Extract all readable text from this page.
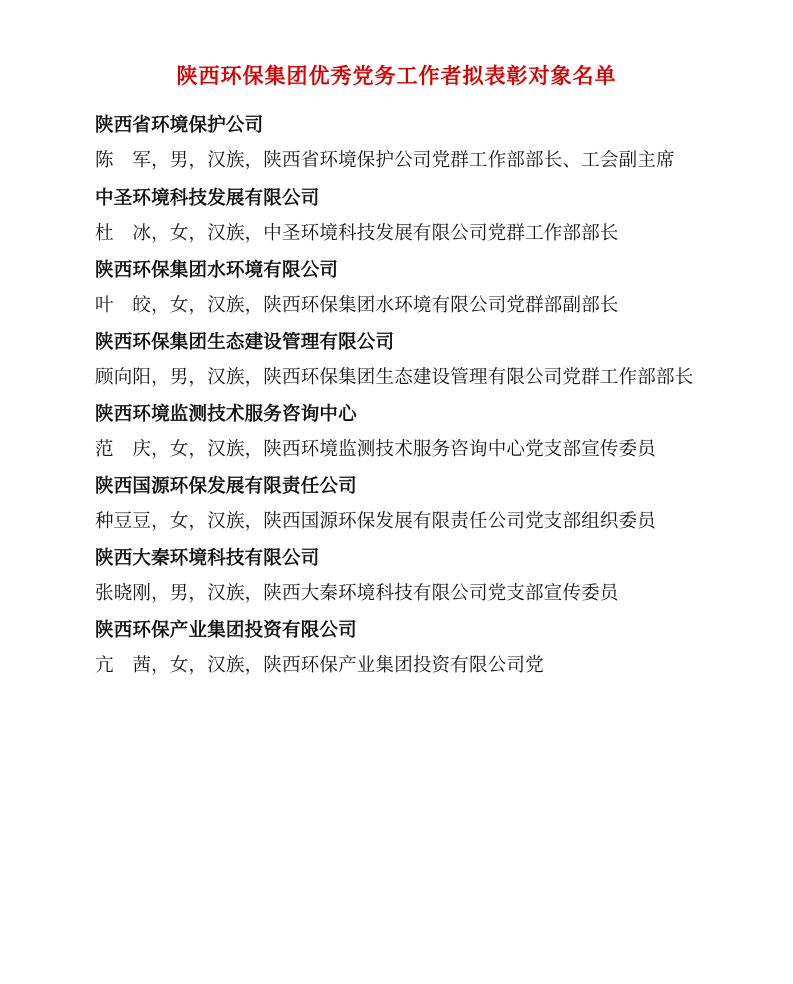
陕西环保集团优秀党务工作者拟表彰对象名单

陕西省环境保护公司

陈　军，男，汉族，陕西省环境保护公司党群工作部部长、工会副主席

中圣环境科技发展有限公司

杜　冰，女，汉族，中圣环境科技发展有限公司党群工作部部长

陕西环保集团水环境有限公司

叶　皎，女，汉族，陕西环保集团水环境有限公司党群部副部长

陕西环保集团生态建设管理有限公司

顾向阳，男，汉族，陕西环保集团生态建设管理有限公司党群工作部部长

陕西环境监测技术服务咨询中心

范　庆，女，汉族，陕西环境监测技术服务咨询中心党支部宣传委员

陕西国源环保发展有限责任公司

种豆豆，女，汉族，陕西国源环保发展有限责任公司党支部组织委员

陕西大秦环境科技有限公司

张晓刚，男，汉族，陕西大秦环境科技有限公司党支部宣传委员

陕西环保产业集团投资有限公司

亢　茜，女，汉族，陕西环保产业集团投资有限公司党
